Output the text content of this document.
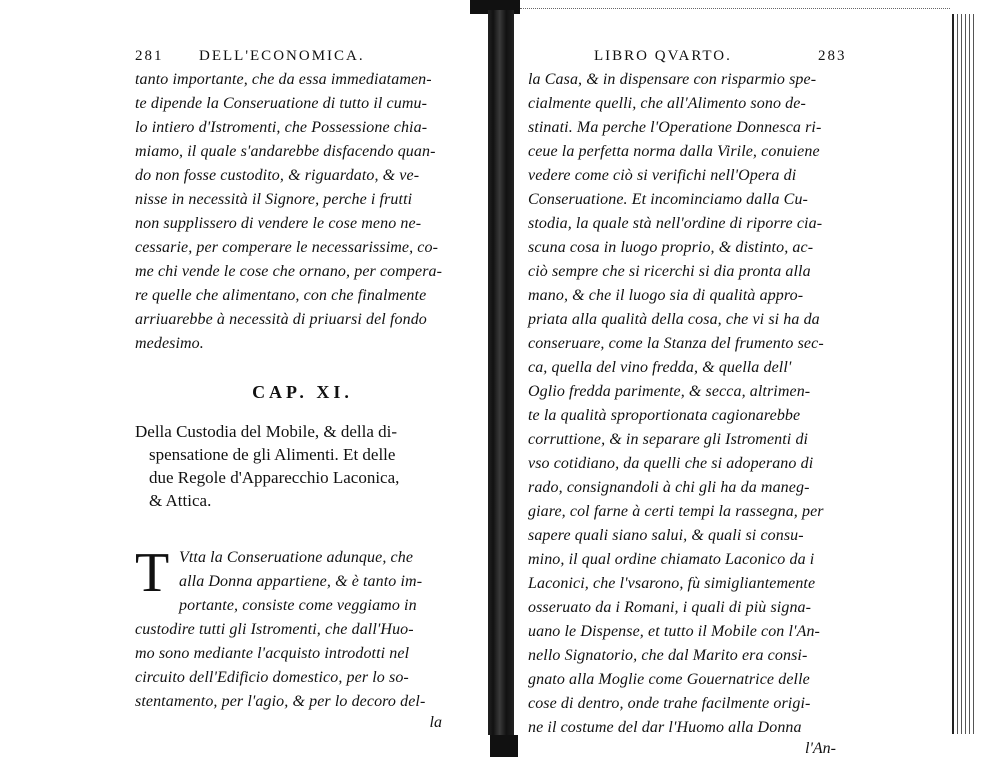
281 DELL'ECONOMICA.
tanto importante, che da essa immediatamen-
te dipende la Conseruatione di tutto il cumu-
lo intiero d'Istromenti, che Possessione chia-
miamo, il quale s'andarebbe disfacendo quan-
do non fosse custodito, & riguardato, & ve-
nisse in necessità il Signore, perche i frutti
non supplissero di vendere le cose meno ne-
cessarie, per comperare le necessarissime, co-
me chi vende le cose che ornano, per compera-
re quelle che alimentano, con che finalmente
arriuarebbe à necessità di priuarsi del fondo
medesimo.
CAP. XI.
Della Custodia del Mobile, & della di-
spensatione de gli Alimenti. Et delle
due Regole d'Apparecchio Laconica,
& Attica.
T Vtta la Conseruatione adunque, che
alla Donna appartiene, & è tanto im-
portante, consiste come veggiamo in
custodire tutti gli Istromenti, che dall'Huo-
mo sono mediante l'acquisto introdotti nel
circuito dell'Edificio domestico, per lo so-
stentamento, per l'agio, & per lo decoro del-
la
LIBRO QVARTO.	283
la Casa, & in dispensare con risparmio spe-
cialmente quelli, che all'Alimento sono de-
stinati. Ma perche l'Operatione Donnesca ri-
ceue la perfetta norma dalla Virile, conuiene
vedere come ciò si verifichi nell'Opera di
Conseruatione. Et incominciamo dalla Cu-
stodia, la quale stà nell'ordine di riporre cia-
scuna cosa in luogo proprio, & distinto, ac-
ciò sempre che si ricerchi si dia pronta alla
mano, & che il luogo sia di qualità appro-
priata alla qualità della cosa, che vi si ha da
conseruare, come la Stanza del frumento sec-
ca, quella del vino fredda, & quella dell'
Oglio fredda parimente, & secca, altrimen-
te la qualità sproportionata cagionarebbe
corruttione, & in separare gli Istromenti di
vso cotidiano, da quelli che si adoperano di
rado, consignandoli à chi gli ha da maneg-
giare, col farne à certi tempi la rassegna, per
sapere quali siano salui, & quali si consu-
mino, il qual ordine chiamato Laconico da i
Laconici, che l'vsarono, fù simigliantemente
osseruato da i Romani, i quali di più signa-
uano le Dispense, et tutto il Mobile con l'An-
nello Signatorio, che dal Marito era consi-
gnato alla Moglie come Gouernatrice delle
cose di dentro, onde trahe facilmente origi-
ne il costume del dar l'Huomo alla Donna
l'An-
